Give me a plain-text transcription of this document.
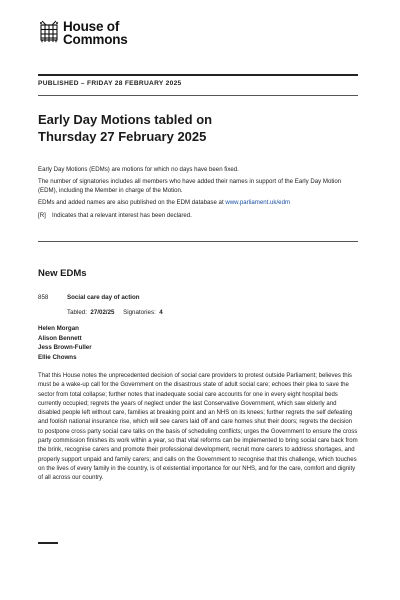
House of
Commons
PUBLISHED – FRIDAY 28 FEBRUARY 2025
Early Day Motions tabled on
Thursday 27 February 2025

Early Day Motions (EDMs) are motions for which no days have been fixed.

The number of signatories includes all members who have added their names in support of the Early Day Motion (EDM), including the Member in charge of the Motion.

EDMs and added names are also published on the EDM database at www.parliament.uk/edm

[R] Indicates that a relevant interest has been declared.

New EDMs
858	Social care day of action
Tabled: 27/02/25 Signatories: 4
Helen Morgan
Alison Bennett
Jess Brown-Fuller
Ellie Chowns

That this House notes the unprecedented decision of social care providers to protest outside Parliament; believes this must be a wake-up call for the Government on the disastrous state of adult social care; echoes their plea to save the sector from total collapse; further notes that inadequate social care accounts for one in every eight hospital beds currently occupied; regrets the years of neglect under the last Conservative Government, which saw elderly and disabled people left without care, families at breaking point and an NHS on its knees; further regrets the self defeating and foolish national insurance rise, which will see carers laid off and care homes shut their doors; regrets the decision to postpone cross party social care talks on the basis of scheduling conflicts; urges the Government to ensure the cross party commission finishes its work within a year, so that vital reforms can be implemented to bring social care back from the brink, recognise carers and promote their professional development, recruit more carers to address shortages, and properly support unpaid and family carers; and calls on the Government to recognise that this challenge, which touches on the lives of every family in the country, is of existential importance for our NHS, and for the care, comfort and dignity of all across our country.
